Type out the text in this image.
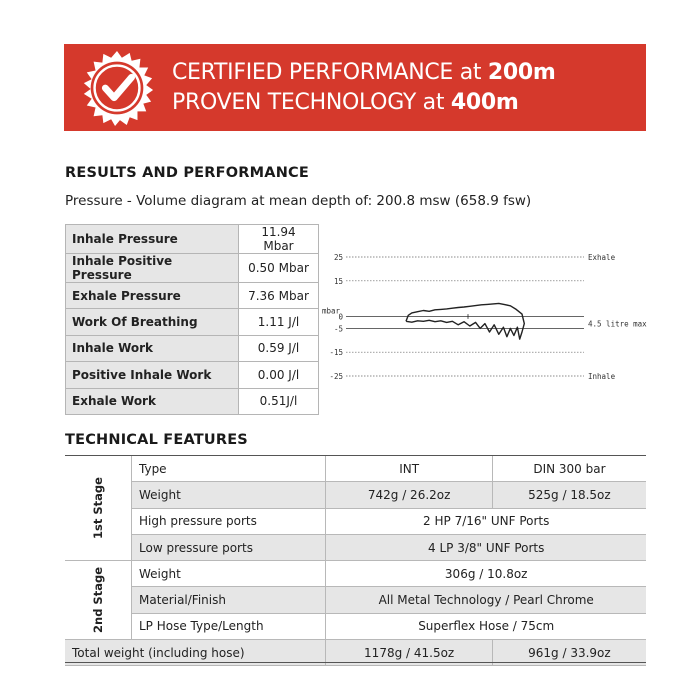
CERTIFIED PERFORMANCE at 200m
PROVEN TECHNOLOGY at 400m
RESULTS AND PERFORMANCE
Pressure - Volume diagram at mean depth of: 200.8 msw (658.9 fsw)
Inhale Pressure	11.94 Mbar
Inhale Positive Pressure	0.50 Mbar
Exhale Pressure	7.36 Mbar
Work Of Breathing	1.11 J/l
Inhale Work	0.59 J/l
Positive Inhale Work	0.00 J/l
Exhale Work	0.51J/l
25
15
0
-5
-15
-25
mbar
Exhale
Inhale
4.5 litre max
TECHNICAL FEATURES
1st Stage	Type	INT	DIN 300 bar
	Weight	742g / 26.2oz	525g / 18.5oz
	High pressure ports	2 HP 7/16" UNF Ports	
	Low pressure ports	4 LP 3/8" UNF Ports	
2nd Stage	Weight	306g / 10.8oz	
	Material/Finish	All Metal Technology / Pearl Chrome	
	LP Hose Type/Length	Superflex Hose / 75cm	
Total weight (including hose)		1178g / 41.5oz	961g / 33.9oz
